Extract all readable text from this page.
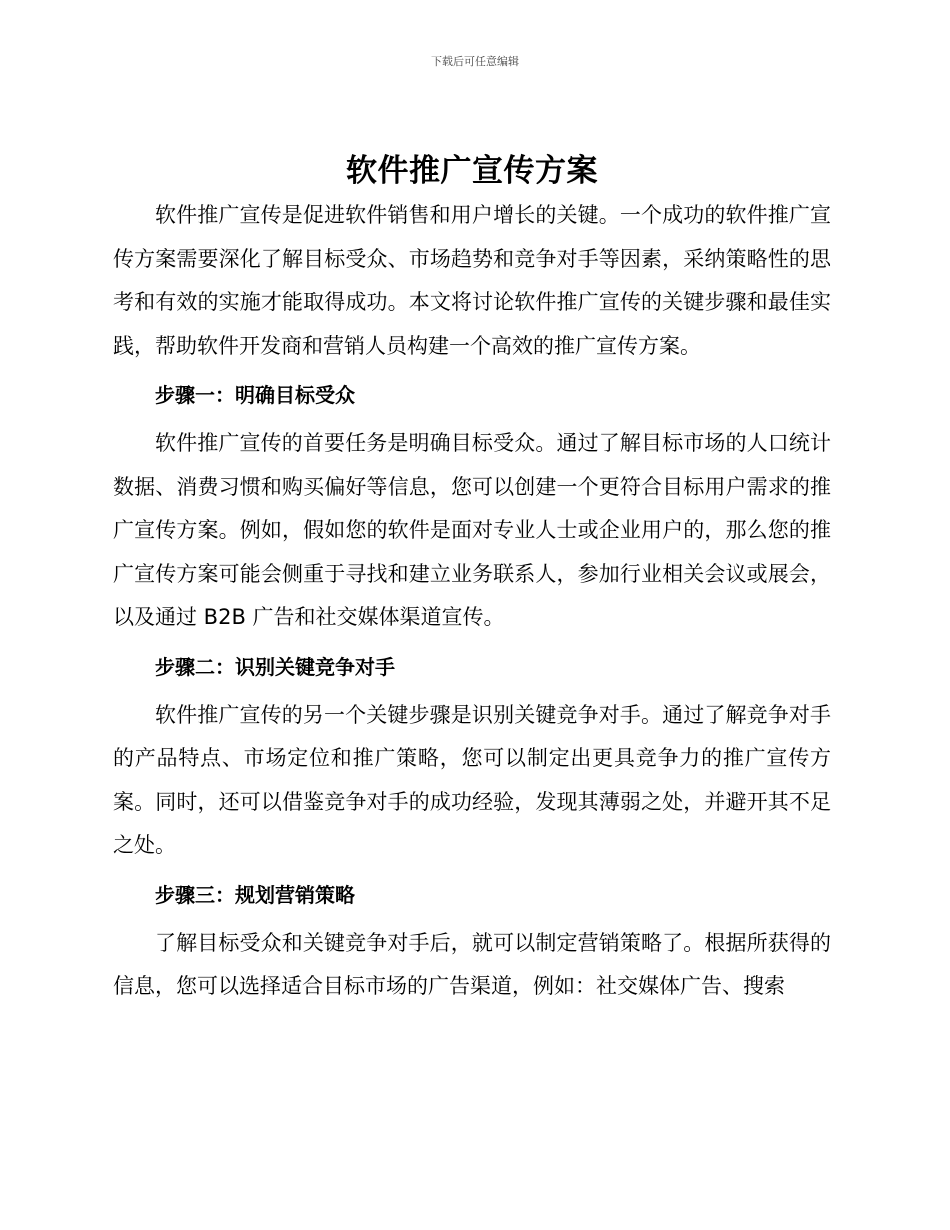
下载后可任意编辑
软件推广宣传方案

软件推广宣传是促进软件销售和用户增长的关键。一个成功的软件推广宣传方案需要深化了解目标受众、市场趋势和竞争对手等因素，采纳策略性的思考和有效的实施才能取得成功。本文将讨论软件推广宣传的关键步骤和最佳实践，帮助软件开发商和营销人员构建一个高效的推广宣传方案。

步骤一：明确目标受众

软件推广宣传的首要任务是明确目标受众。通过了解目标市场的人口统计数据、消费习惯和购买偏好等信息，您可以创建一个更符合目标用户需求的推广宣传方案。例如，假如您的软件是面对专业人士或企业用户的，那么您的推广宣传方案可能会侧重于寻找和建立业务联系人，参加行业相关会议或展会，以及通过 B2B 广告和社交媒体渠道宣传。

步骤二：识别关键竞争对手

软件推广宣传的另一个关键步骤是识别关键竞争对手。通过了解竞争对手的产品特点、市场定位和推广策略，您可以制定出更具竞争力的推广宣传方案。同时，还可以借鉴竞争对手的成功经验，发现其薄弱之处，并避开其不足之处。

步骤三：规划营销策略

了解目标受众和关键竞争对手后，就可以制定营销策略了。根据所获得的信息，您可以选择适合目标市场的广告渠道，例如：社交媒体广告、搜索
